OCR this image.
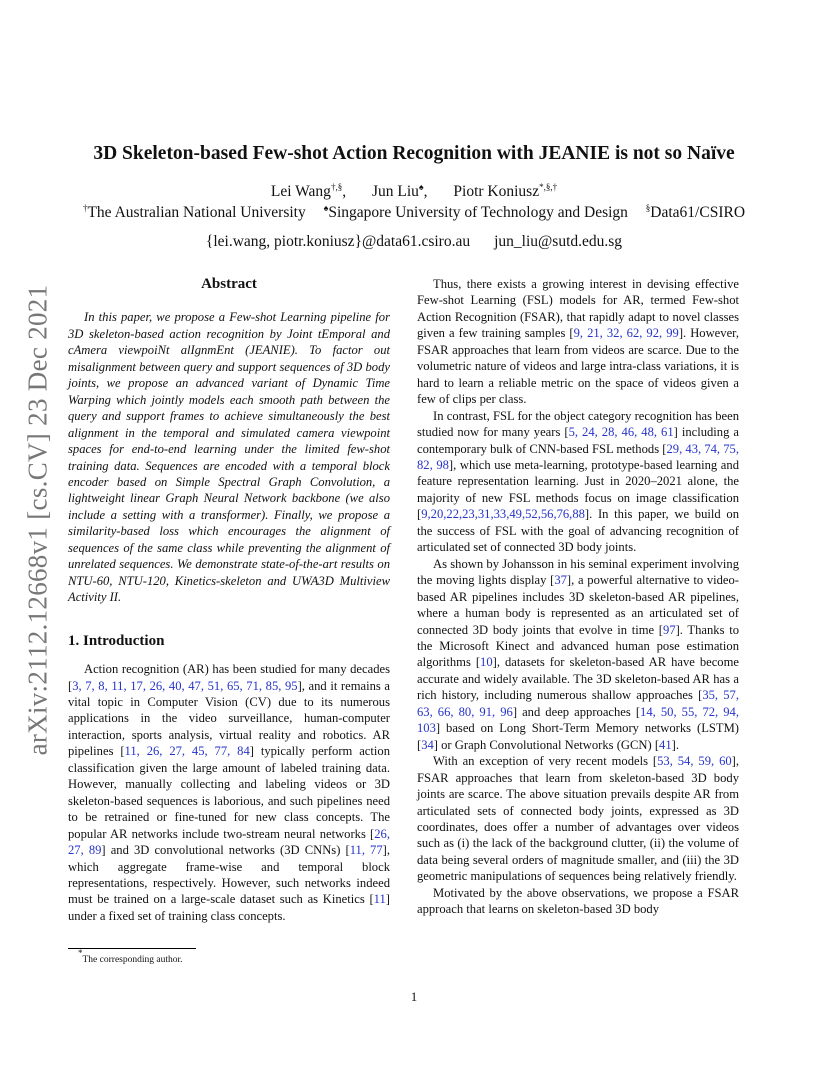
arXiv:2112.12668v1 [cs.CV] 23 Dec 2021
3D Skeleton-based Few-shot Action Recognition with JEANIE is not so Naïve
Lei Wang†,§, Jun Liu♠, Piotr Koniusz*,§,†
†The Australian National University ♠Singapore University of Technology and Design §Data61/CSIRO
{lei.wang, piotr.koniusz}@data61.csiro.au jun_liu@sutd.edu.sg
Abstract

In this paper, we propose a Few-shot Learning pipeline for 3D skeleton-based action recognition by Joint tEmporal and cAmera viewpoiNt alIgnmEnt (JEANIE). To factor out misalignment between query and support sequences of 3D body joints, we propose an advanced variant of Dynamic Time Warping which jointly models each smooth path between the query and support frames to achieve simultaneously the best alignment in the temporal and simulated camera viewpoint spaces for end-to-end learning under the limited few-shot training data. Sequences are encoded with a temporal block encoder based on Simple Spectral Graph Convolution, a lightweight linear Graph Neural Network backbone (we also include a setting with a transformer). Finally, we propose a similarity-based loss which encourages the alignment of sequences of the same class while preventing the alignment of unrelated sequences. We demonstrate state-of-the-art results on NTU-60, NTU-120, Kinetics-skeleton and UWA3D Multiview Activity II.

1. Introduction

Action recognition (AR) has been studied for many decades [3, 7, 8, 11, 17, 26, 40, 47, 51, 65, 71, 85, 95], and it remains a vital topic in Computer Vision (CV) due to its numerous applications in the video surveillance, human-computer interaction, sports analysis, virtual reality and robotics. AR pipelines [11, 26, 27, 45, 77, 84] typically perform action classification given the large amount of labeled training data. However, manually collecting and labeling videos or 3D skeleton-based sequences is laborious, and such pipelines need to be retrained or fine-tuned for new class concepts. The popular AR networks include two-stream neural networks [26, 27, 89] and 3D convolutional networks (3D CNNs) [11, 77], which aggregate frame-wise and temporal block representations, respectively. However, such networks indeed must be trained on a large-scale dataset such as Kinetics [11] under a fixed set of training class concepts.

Thus, there exists a growing interest in devising effective Few-shot Learning (FSL) models for AR, termed Few-shot Action Recognition (FSAR), that rapidly adapt to novel classes given a few training samples [9, 21, 32, 62, 92, 99]. However, FSAR approaches that learn from videos are scarce. Due to the volumetric nature of videos and large intra-class variations, it is hard to learn a reliable metric on the space of videos given a few of clips per class.

In contrast, FSL for the object category recognition has been studied now for many years [5, 24, 28, 46, 48, 61] including a contemporary bulk of CNN-based FSL methods [29, 43, 74, 75, 82, 98], which use meta-learning, prototype-based learning and feature representation learning. Just in 2020–2021 alone, the majority of new FSL methods focus on image classification [9,20,22,23,31,33,49,52,56,76,88]. In this paper, we build on the success of FSL with the goal of advancing recognition of articulated set of connected 3D body joints.

As shown by Johansson in his seminal experiment involving the moving lights display [37], a powerful alternative to video-based AR pipelines includes 3D skeleton-based AR pipelines, where a human body is represented as an articulated set of connected 3D body joints that evolve in time [97]. Thanks to the Microsoft Kinect and advanced human pose estimation algorithms [10], datasets for skeleton-based AR have become accurate and widely available. The 3D skeleton-based AR has a rich history, including numerous shallow approaches [35, 57, 63, 66, 80, 91, 96] and deep approaches [14, 50, 55, 72, 94, 103] based on Long Short-Term Memory networks (LSTM) [34] or Graph Convolutional Networks (GCN) [41].

With an exception of very recent models [53, 54, 59, 60], FSAR approaches that learn from skeleton-based 3D body joints are scarce. The above situation prevails despite AR from articulated sets of connected body joints, expressed as 3D coordinates, does offer a number of advantages over videos such as (i) the lack of the background clutter, (ii) the volume of data being several orders of magnitude smaller, and (iii) the 3D geometric manipulations of sequences being relatively friendly.

Motivated by the above observations, we propose a FSAR approach that learns on skeleton-based 3D body

*The corresponding author.
1
